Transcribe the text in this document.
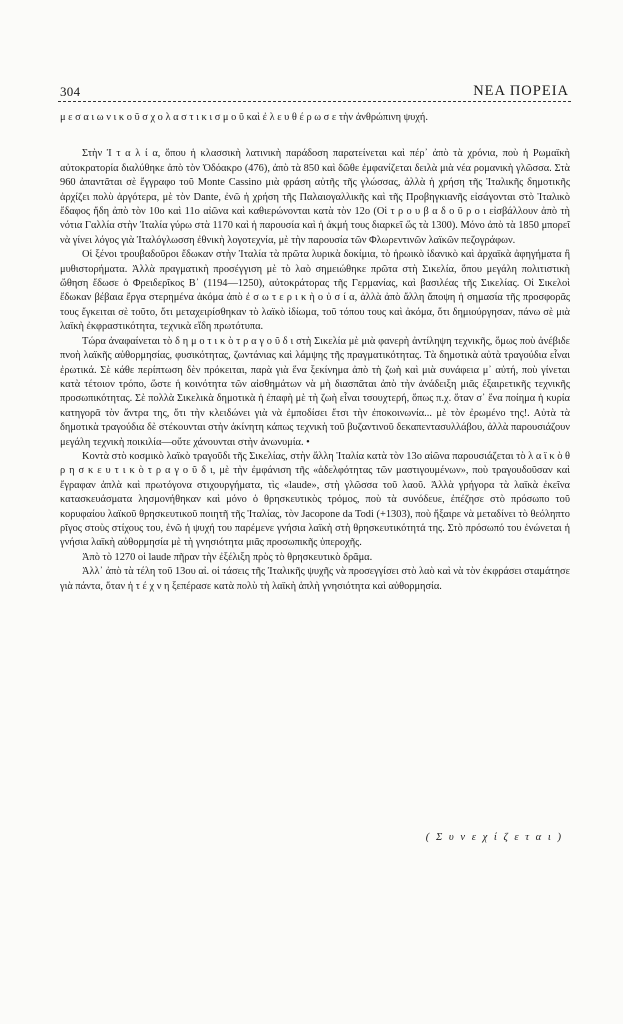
304	ΝΕΑ ΠΟΡΕΙΑ

μ ε σ α ι ω ν ι κ ο ῦ σ χ ο λ α σ τ ι κ ι σ μ ο ῦ καὶ ἐ λ ε υ θ έ ρ ω σ ε τὴν ἀνθρώπινη ψυχή.

Στὴν Ἰ τ α λ ί α, ὅπου ἡ κλασσικὴ λατινικὴ παράδοση παρατείνεται καὶ πέρ᾿ ἀπὸ τὰ χρόνια, ποὺ ἡ Ρωμαϊκὴ αὐτοκρατορία διαλύθηκε ἀπὸ τὸν Ὀδόακρο (476), ἀπὸ τὰ 850 καὶ δῶθε ἐμφανίζεται δειλὰ μιὰ νέα ρομανικὴ γλῶσσα. Στὰ 960 ἀπαντᾶται σὲ ἔγγραφο τοῦ Monte Cassino μιὰ φράση αὐτῆς τῆς γλώσσας, ἀλλὰ ἡ χρήση τῆς Ἰταλικῆς δημοτικῆς ἀρχίζει πολὺ ἀργότερα, μὲ τὸν Dante, ἐνῶ ἡ χρήση τῆς Παλαιογαλλικῆς καὶ τῆς Προβηγκιανῆς εἰσάγονται στὸ Ἰταλικὸ ἔδαφος ἤδη ἀπὸ τὸν 10ο καὶ 11ο αἰῶνα καὶ καθιερώνονται κατὰ τὸν 12ο (Οἱ τ ρ ο υ β α δ ο ῦ ρ ο ι εἰσβάλλουν ἀπὸ τὴ νότια Γαλλία στὴν Ἰταλία γύρω στὰ 1170 καὶ ἡ παρουσία καὶ ἡ ἀκμή τους διαρκεῖ ὥς τὰ 1300). Μόνο ἀπὸ τὰ 1850 μπορεῖ νὰ γίνει λόγος γιὰ Ἰταλόγλωσση ἐθνικὴ λογοτεχνία, μὲ τὴν παρουσία τῶν Φλωρεντινῶν λαϊκῶν πεζογράφων.

Οἱ ξένοι τρουβαδοῦροι ἔδωκαν στὴν Ἰταλία τὰ πρῶτα λυρικὰ δοκίμια, τὸ ἡρωικὸ ἰδανικὸ καὶ ἀρχαϊκὰ ἀφηγήματα ἢ μυθιστορήματα. Ἀλλὰ πραγματικὴ προσέγγιση μὲ τὸ λαὸ σημειώθηκε πρῶτα στὴ Σικελία, ὅπου μεγάλη πολιτιστικὴ ὤθηση ἔδωσε ὁ Φρειδερῖκος Β᾿ (1194—1250), αὐτοκράτορας τῆς Γερμανίας, καὶ βασιλέας τῆς Σικελίας. Οἱ Σικελοὶ ἔδωκαν βέβαια ἔργα στερημένα ἀκόμα ἀπὸ ἐ σ ω τ ε ρ ι κ ὴ ο ὐ σ ί α, ἀλλὰ ἀπὸ ἄλλη ἄποψη ἡ σημασία τῆς προσφορᾶς τους ἔγκειται σὲ τοῦτο, ὅτι μεταχειρίσθηκαν τὸ λαϊκὸ ἰδίωμα, τοῦ τόπου τους καὶ ἀκόμα, ὅτι δημιούργησαν, πάνω σὲ μιὰ λαϊκὴ ἐκφραστικότητα, τεχνικὰ εἴδη πρωτότυπα.

Τώρα ἀναφαίνεται τὸ δ η μ ο τ ι κ ὸ τ ρ α γ ο ῦ δ ι στὴ Σικελία μὲ μιὰ φανερὴ ἀντίληψη τεχνικῆς, ὅμως ποὺ ἀνέβιδε πνοὴ λαϊκῆς αὐθορμησίας, φυσικότητας, ζωντάνιας καὶ λάμψης τῆς πραγματικότητας. Τὰ δημοτικὰ αὐτὰ τραγούδια εἶναι ἐρωτικά. Σὲ κάθε περίπτωση δὲν πρόκειται, παρὰ γιὰ ἕνα ξεκίνημα ἀπὸ τὴ ζωὴ καὶ μιὰ συνάφεια μ᾿ αὐτή, ποὺ γίνεται κατὰ τέτοιον τρόπο, ὥστε ἡ κοινότητα τῶν αἰσθημάτων νὰ μὴ διασπᾶται ἀπὸ τὴν ἀνάδειξη μιᾶς ἐξαιρετικῆς τεχνικῆς προσωπικότητας. Σὲ πολλὰ Σικελικὰ δημοτικὰ ἡ ἐπαφὴ μὲ τὴ ζωὴ εἶναι τσουχτερή, ὅπως π.χ. ὅταν σ᾿ ἕνα ποίημα ἡ κυρία κατηγορᾶ τὸν ἄντρα της, ὅτι τὴν κλειδώνει γιὰ νὰ ἐμποδίσει ἔτσι τὴν ἐποκοινωνία... μὲ τὸν ἐρωμένο της!. Αὐτὰ τὰ δημοτικὰ τραγούδια δὲ στέκουνται στὴν ἀκίνητη κάπως τεχνικὴ τοῦ βυζαντινοῦ δεκαπεντασυλλάβου, ἀλλὰ παρουσιάζουν μεγάλη τεχνικὴ ποικιλία—οὔτε χάνουνται στὴν ἀνωνυμία. •

Κοντὰ στὸ κοσμικὸ λαϊκὸ τραγοῦδι τῆς Σικελίας, στὴν ἄλλη Ἰταλία κατὰ τὸν 13ο αἰῶνα παρουσιάζεται τὸ λ α ϊ κ ὸ θ ρ η σ κ ε υ τ ι κ ὸ τ ρ α γ ο ῦ δ ι, μὲ τὴν ἐμφάνιση τῆς «ἀδελφότητας τῶν μαστιγουμένων», ποὺ τραγουδοῦσαν καὶ ἔγραφαν ἁπλὰ καὶ πρωτόγονα στιχουργήματα, τὶς «laude», στὴ γλῶσσα τοῦ λαοῦ. Ἀλλὰ γρήγορα τὰ λαϊκὰ ἐκεῖνα κατασκευάσματα λησμονήθηκαν καὶ μόνο ὁ θρησκευτικὸς τρόμος, ποὺ τὰ συνόδευε, ἐπέζησε στὸ πρόσωπο τοῦ κορυφαίου λαϊκοῦ θρησκευτικοῦ ποιητῆ τῆς Ἰταλίας, τὸν Jacopone da Todi (+1303), ποὺ ἤξαιρε νὰ μεταδίνει τὸ θεόληπτο ρῖγος στοὺς στίχους του, ἐνῶ ἡ ψυχή του παρέμενε γνήσια λαϊκὴ στὴ θρησκευτικότητά της. Στὸ πρόσωπό του ἑνώνεται ἡ γνήσια λαϊκὴ αὐθορμησία μὲ τὴ γνησιότητα μιᾶς προσωπικῆς ὑπεροχῆς.

Ἀπὸ τὸ 1270 οἱ laude πῆραν τὴν ἐξέλιξη πρὸς τὸ θρησκευτικὸ δρᾶμα.

Ἀλλ᾿ ἀπὸ τὰ τέλη τοῦ 13ου αἰ. οἱ τάσεις τῆς Ἰταλικῆς ψυχῆς νὰ προσεγγίσει στὸ λαὸ καὶ νὰ τὸν ἐκφράσει σταμάτησε γιὰ πάντα, ὅταν ἡ τ έ χ ν η ξεπέρασε κατὰ πολὺ τὴ λαϊκὴ ἁπλὴ γνησιότητα καὶ αὐθορμησία.

( Σ υ ν ε χ ί ζ ε τ α ι )
